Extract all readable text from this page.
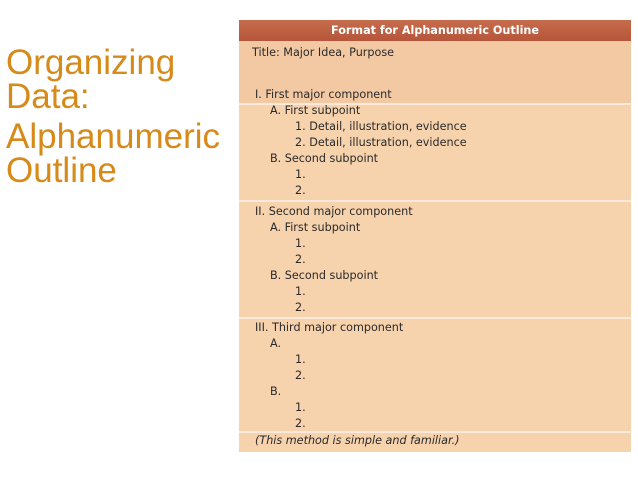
Organizing Data:
Alphanumeric Outline
Format for Alphanumeric Outline
Title: Major Idea, Purpose
I. First major component
A. First subpoint
1. Detail, illustration, evidence
2. Detail, illustration, evidence
B. Second subpoint
1.
2.
II. Second major component
A. First subpoint
1.
2.
B. Second subpoint
1.
2.
III. Third major component
A.
1.
2.
B.
1.
2.
(This method is simple and familiar.)
